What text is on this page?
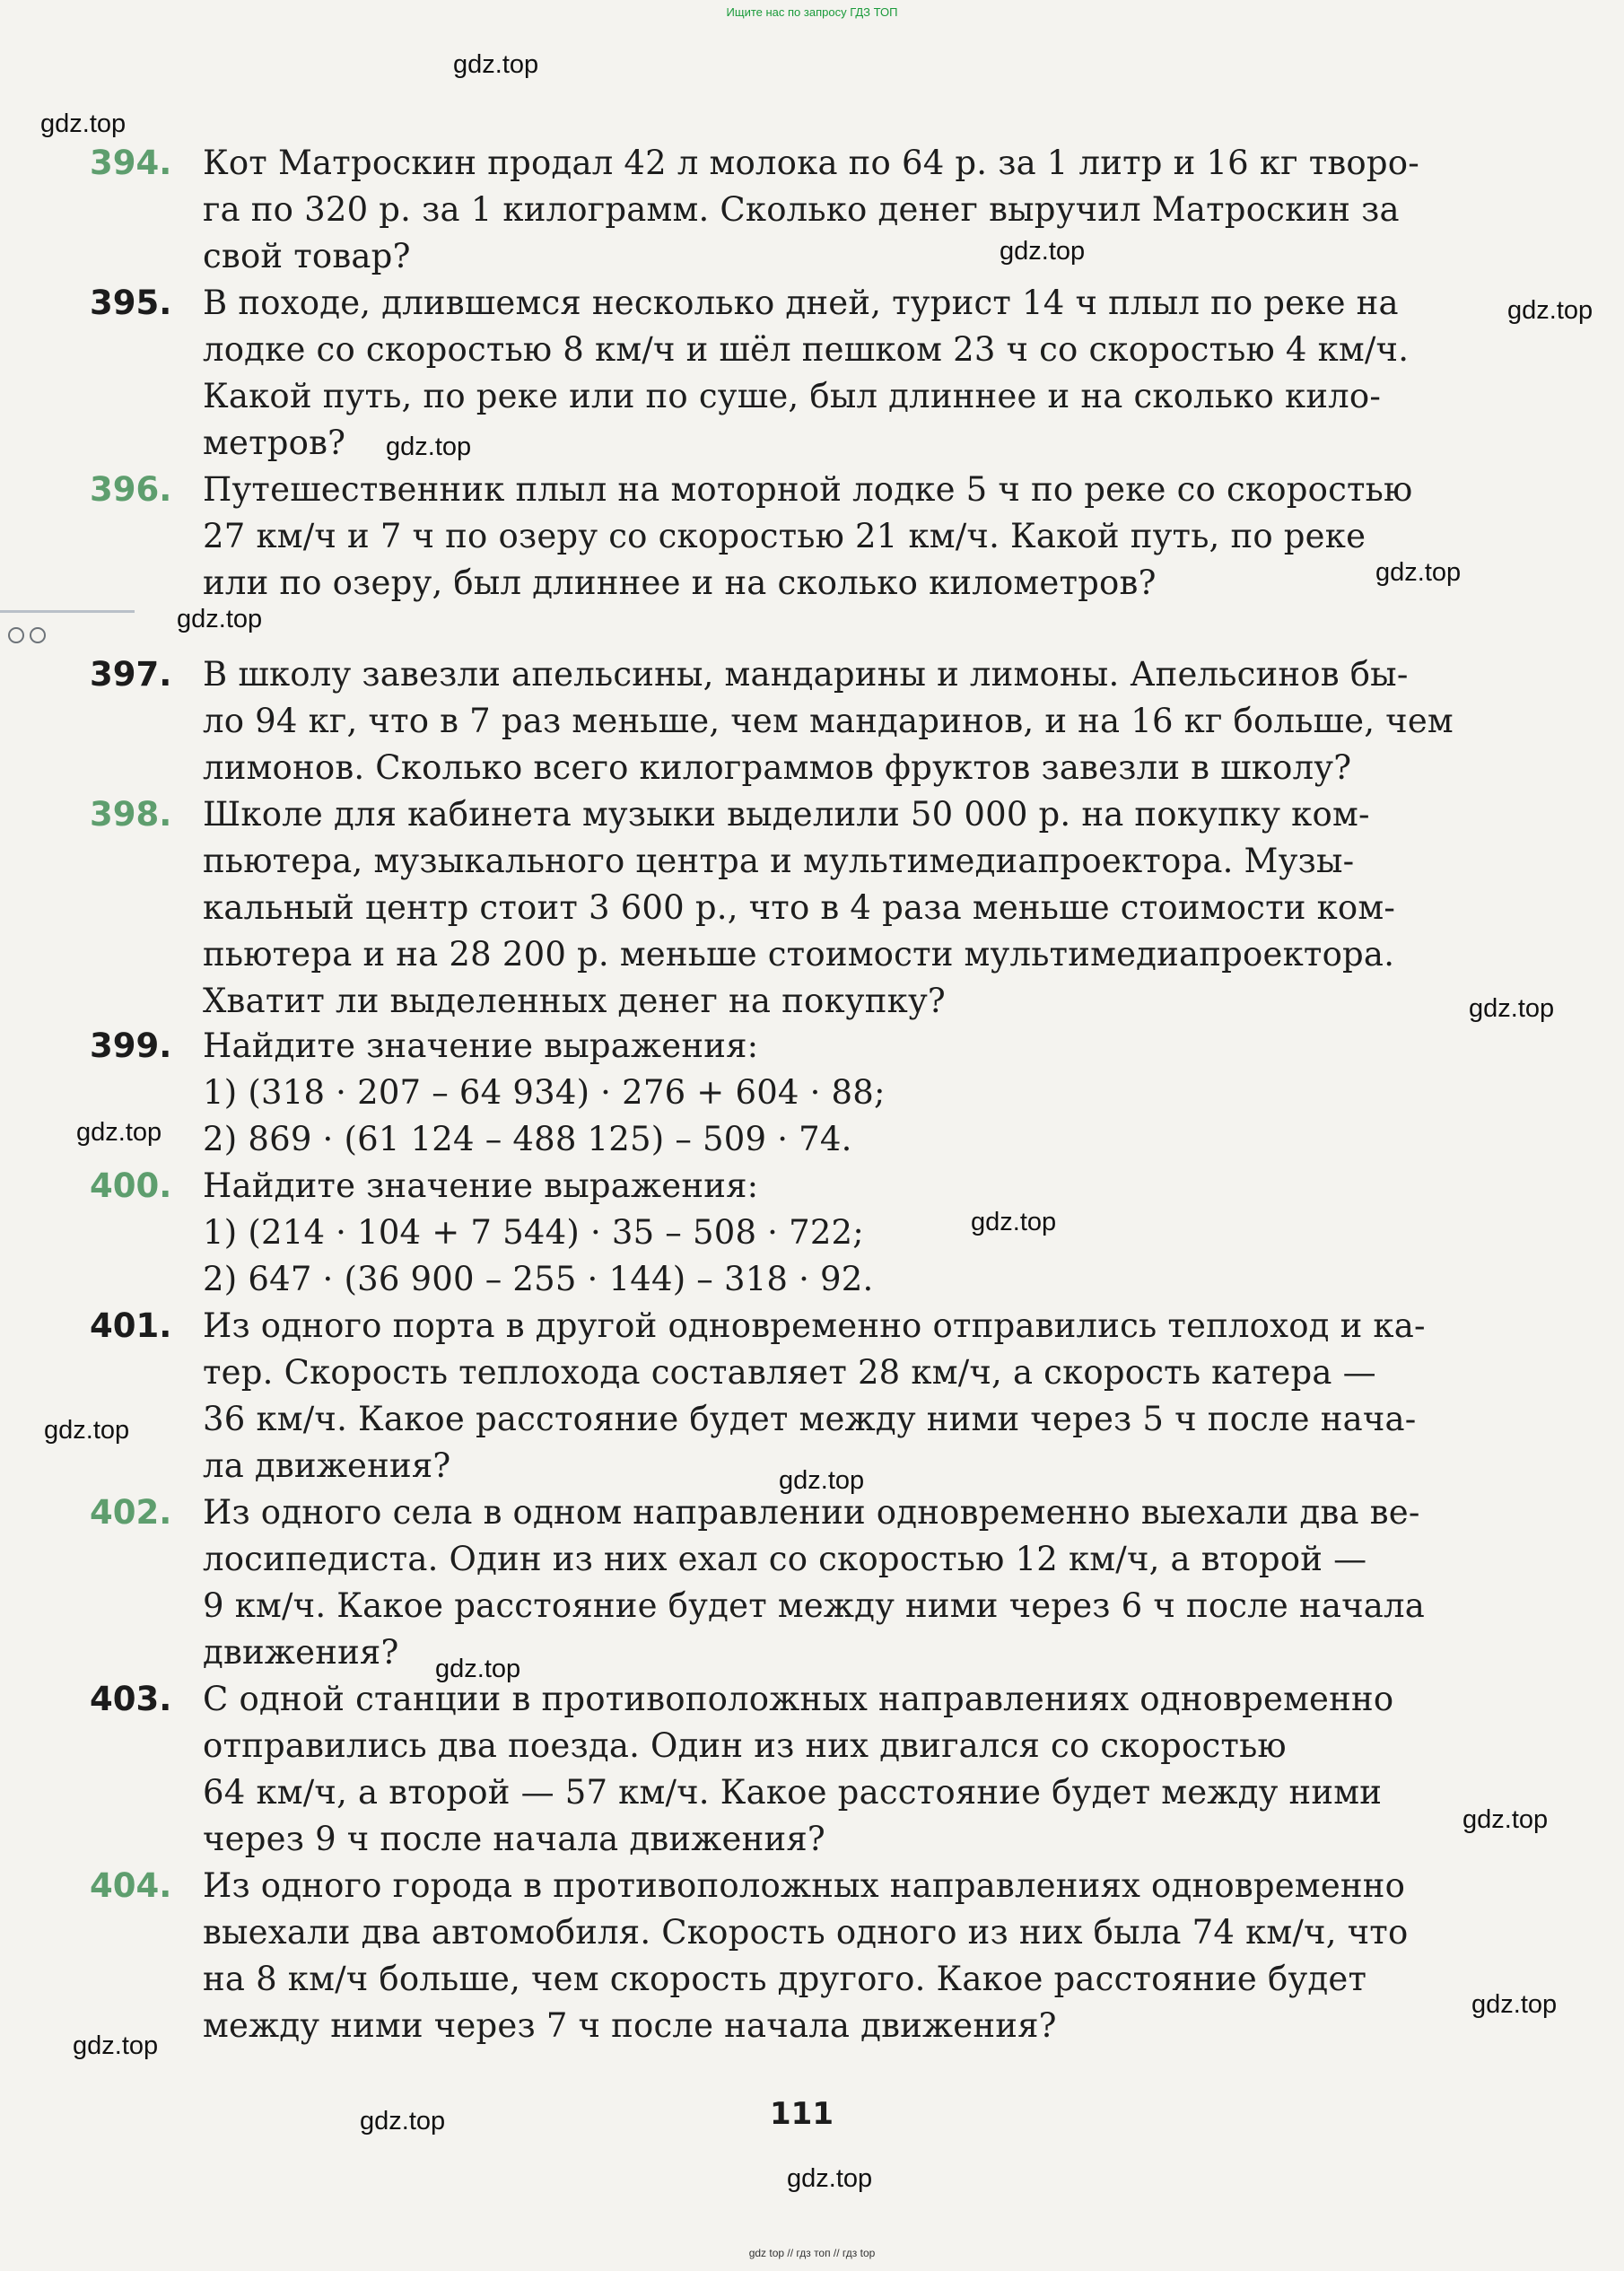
Ищите нас по запросу ГДЗ ТОП
394. Кот Матроскин продал 42 л молока по 64 р. за 1 литр и 16 кг творо-
га по 320 р. за 1 килограмм. Сколько денег выручил Матроскин за
свой товар?
395. В походе, длившемся несколько дней, турист 14 ч плыл по реке на
лодке со скоростью 8 км/ч и шёл пешком 23 ч со скоростью 4 км/ч.
Какой путь, по реке или по суше, был длиннее и на сколько кило-
метров?
396. Путешественник плыл на моторной лодке 5 ч по реке со скоростью
27 км/ч и 7 ч по озеру со скоростью 21 км/ч. Какой путь, по реке
или по озеру, был длиннее и на сколько километров?
397. В школу завезли апельсины, мандарины и лимоны. Апельсинов бы-
ло 94 кг, что в 7 раз меньше, чем мандаринов, и на 16 кг больше, чем
лимонов. Сколько всего килограммов фруктов завезли в школу?
398. Школе для кабинета музыки выделили 50 000 р. на покупку ком-
пьютера, музыкального центра и мультимедиапроектора. Музы-
кальный центр стоит 3 600 р., что в 4 раза меньше стоимости ком-
пьютера и на 28 200 р. меньше стоимости мультимедиапроектора.
Хватит ли выделенных денег на покупку?
399. Найдите значение выражения:
1) (318 · 207 – 64 934) · 276 + 604 · 88;
2) 869 · (61 124 – 488 125) – 509 · 74.
400. Найдите значение выражения:
1) (214 · 104 + 7 544) · 35 – 508 · 722;
2) 647 · (36 900 – 255 · 144) – 318 · 92.
401. Из одного порта в другой одновременно отправились теплоход и ка-
тер. Скорость теплохода составляет 28 км/ч, а скорость катера —
36 км/ч. Какое расстояние будет между ними через 5 ч после нача-
ла движения?
402. Из одного села в одном направлении одновременно выехали два ве-
лосипедиста. Один из них ехал со скоростью 12 км/ч, а второй —
9 км/ч. Какое расстояние будет между ними через 6 ч после начала
движения?
403. С одной станции в противоположных направлениях одновременно
отправились два поезда. Один из них двигался со скоростью
64 км/ч, а второй — 57 км/ч. Какое расстояние будет между ними
через 9 ч после начала движения?
404. Из одного города в противоположных направлениях одновременно
выехали два автомобиля. Скорость одного из них была 74 км/ч, что
на 8 км/ч больше, чем скорость другого. Какое расстояние будет
между ними через 7 ч после начала движения?
111
gdz.top
gdz.top
gdz.top
gdz.top
gdz.top
gdz.top
gdz.top
gdz.top
gdz.top
gdz.top
gdz.top
gdz.top
gdz.top
gdz.top
gdz.top
gdz.top
gdz.top
gdz.top
gdz top // гдз топ // гдз top
